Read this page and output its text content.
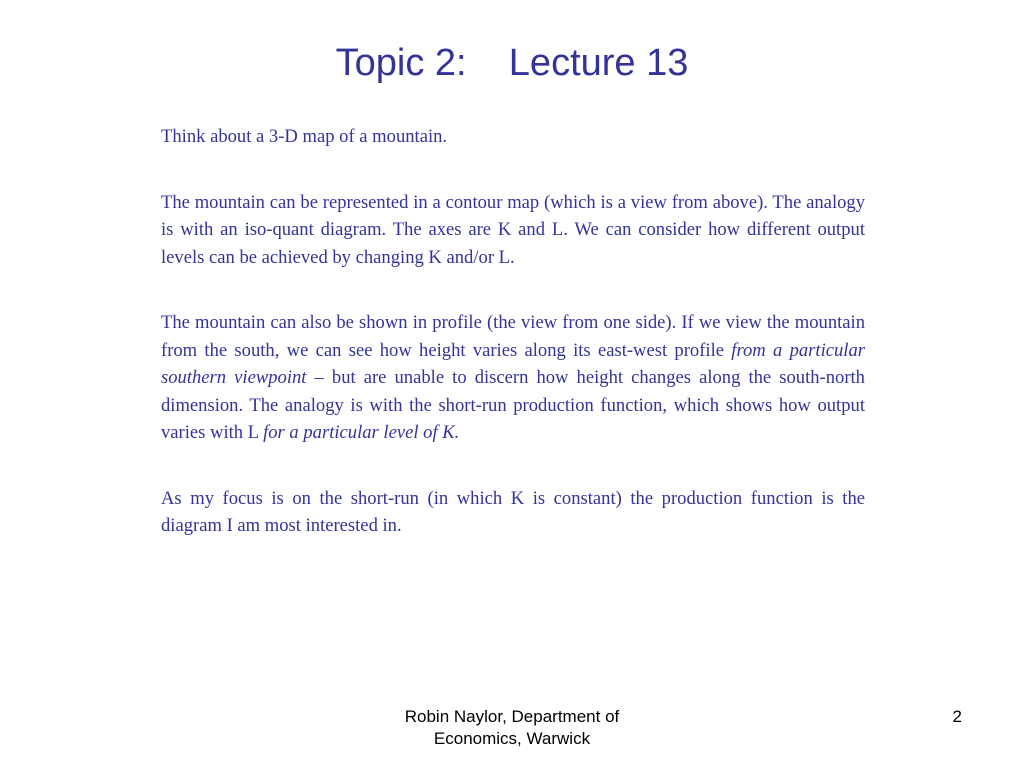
Topic 2:    Lecture 13

Think about a 3-D map of a mountain.

The mountain can be represented in a contour map (which is a view from above). The analogy is with an iso-quant diagram. The axes are K and L. We can consider how different output levels can be achieved by changing K and/or L.

The mountain can also be shown in profile (the view from one side). If we view the mountain from the south, we can see how height varies along its east-west profile from a particular southern viewpoint – but are unable to discern how height changes along the south-north dimension. The analogy is with the short-run production function, which shows how output varies with L for a particular level of K.

As my focus is on the short-run (in which K is constant) the production function is the diagram I am most interested in.

Robin Naylor, Department of
Economics, Warwick
2
